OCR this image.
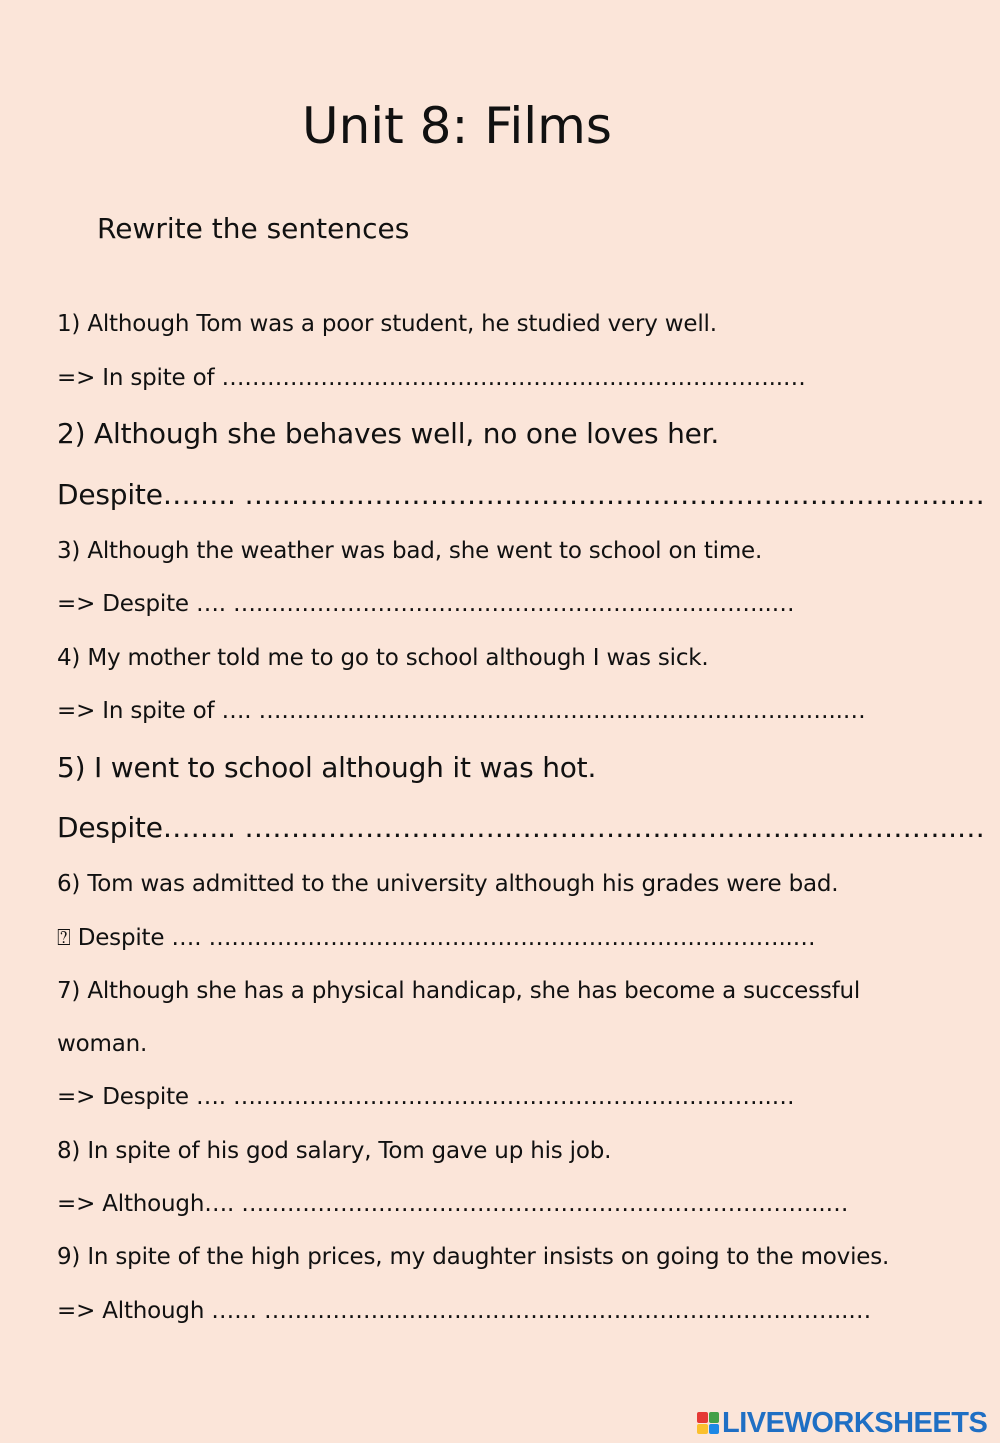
Unit 8: Films
Rewrite the sentences
1) Although Tom was a poor student, he studied very well.
=> In spite of ………………………………………………………………..…
2) Although she behaves well, no one loves her.
Despite…….. …………………………………………………………………..…
3) Although the weather was bad, she went to school on time.
=> Despite …. ……………………………………………………………..…
4) My mother told me to go to school although I was sick.
=> In spite of …. …………………………………………………………………..…
5) I went to school although it was hot.
Despite…….. …………………………………………………………………..…
6) Tom was admitted to the university although his grades were bad.
⍰ Despite …. …………………………………………………………………..…
7) Although she has a physical handicap, she has become a successful
woman.
=> Despite …. ……………………………………………………………..…
8) In spite of his god salary, Tom gave up his job.
=> Although…. …………………………………………………………………..…
9) In spite of the high prices, my daughter insists on going to the movies.
=> Although …… …………………………………………………………………..…
LIVEWORKSHEETS
